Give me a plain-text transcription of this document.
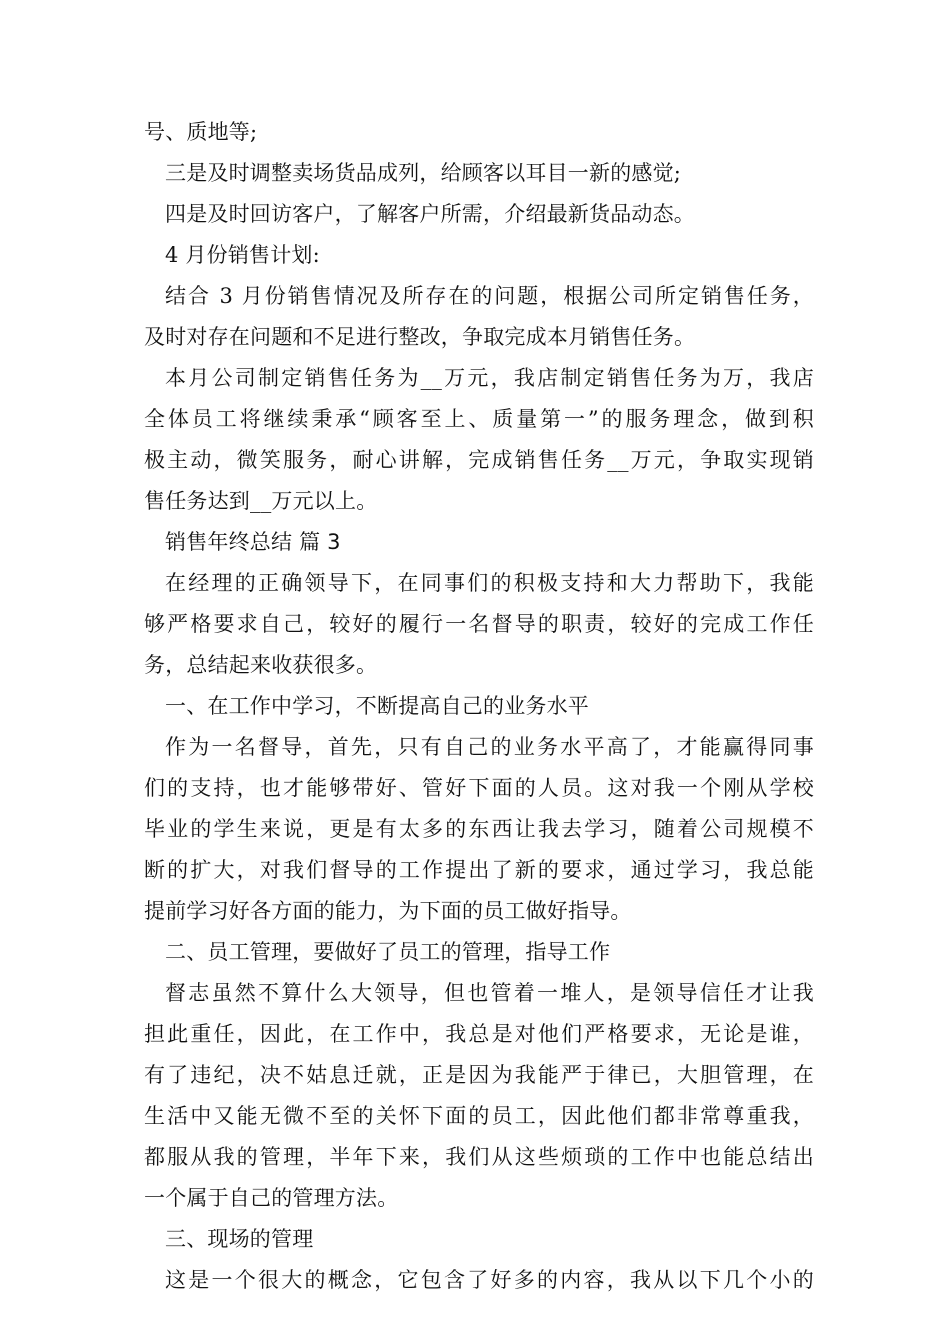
号、质地等;
三是及时调整卖场货品成列，给顾客以耳目一新的感觉;
四是及时回访客户，了解客户所需，介绍最新货品动态。
4 月份销售计划:
结合 3 月份销售情况及所存在的问题，根据公司所定销售任务，
及时对存在问题和不足进行整改，争取完成本月销售任务。
本月公司制定销售任务为__万元，我店制定销售任务为万，我店
全体员工将继续秉承“顾客至上、质量第一”的服务理念，做到积
极主动，微笑服务，耐心讲解，完成销售任务__万元，争取实现销
售任务达到__万元以上。
销售年终总结 篇 3
在经理的正确领导下，在同事们的积极支持和大力帮助下，我能
够严格要求自己，较好的履行一名督导的职责，较好的完成工作任
务，总结起来收获很多。
一、在工作中学习，不断提高自己的业务水平
作为一名督导，首先，只有自己的业务水平高了，才能赢得同事
们的支持，也才能够带好、管好下面的人员。这对我一个刚从学校
毕业的学生来说，更是有太多的东西让我去学习，随着公司规模不
断的扩大，对我们督导的工作提出了新的要求，通过学习，我总能
提前学习好各方面的能力，为下面的员工做好指导。
二、员工管理，要做好了员工的管理，指导工作
督志虽然不算什么大领导，但也管着一堆人，是领导信任才让我
担此重任，因此，在工作中，我总是对他们严格要求，无论是谁，
有了违纪，决不姑息迁就，正是因为我能严于律已，大胆管理，在
生活中又能无微不至的关怀下面的员工，因此他们都非常尊重我，
都服从我的管理，半年下来，我们从这些烦琐的工作中也能总结出
一个属于自己的管理方法。
三、现场的管理
这是一个很大的概念，它包含了好多的内容，我从以下几个小的
